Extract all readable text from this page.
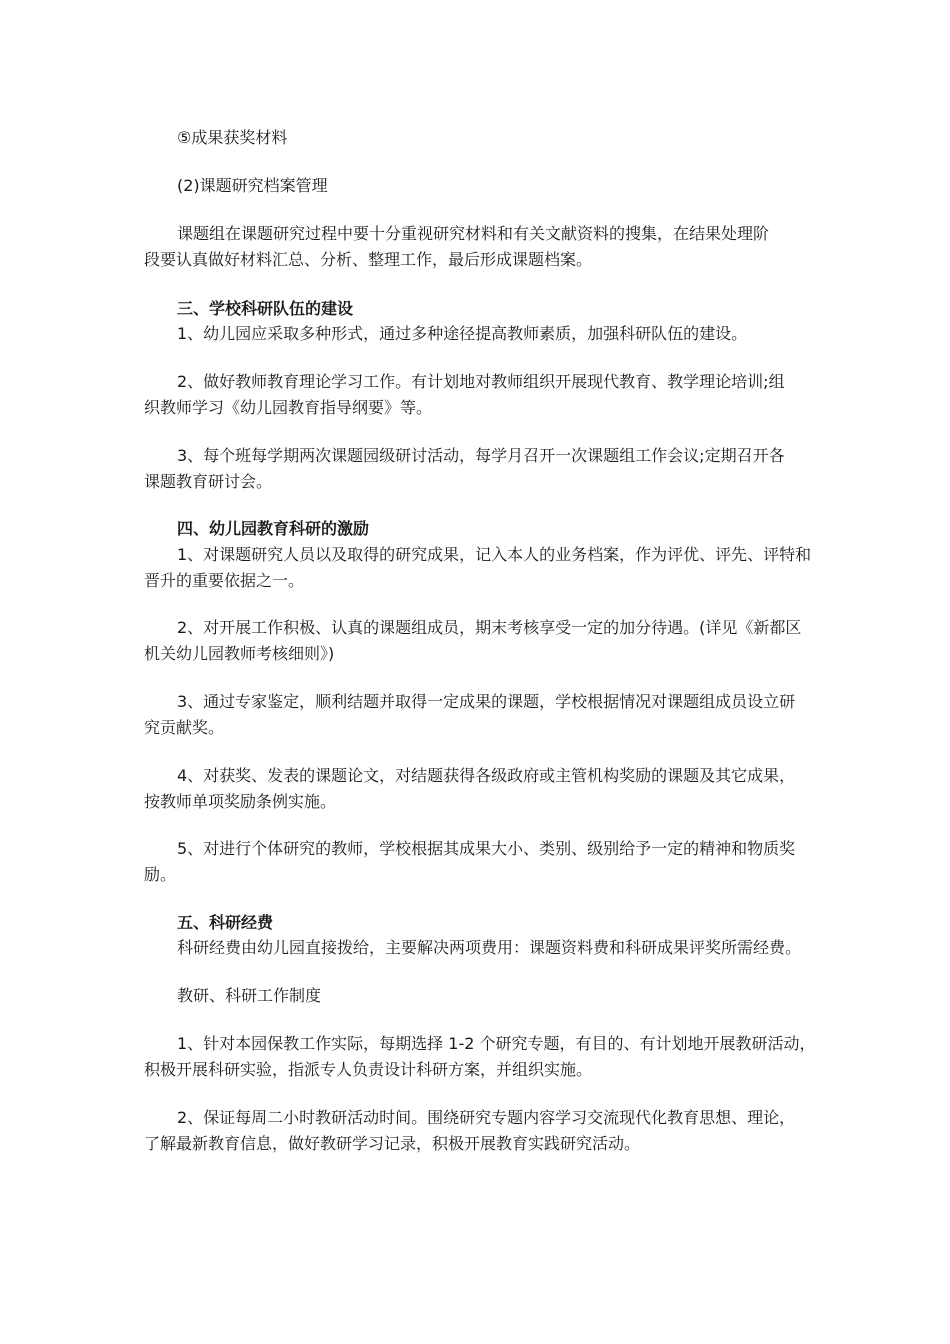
⑤成果获奖材料

(2)课题研究档案管理

课题组在课题研究过程中要十分重视研究材料和有关文献资料的搜集，在结果处理阶
段要认真做好材料汇总、分析、整理工作，最后形成课题档案。

三、学校科研队伍的建设

1、幼儿园应采取多种形式，通过多种途径提高教师素质，加强科研队伍的建设。

2、做好教师教育理论学习工作。有计划地对教师组织开展现代教育、教学理论培训;组
织教师学习《幼儿园教育指导纲要》等。

3、每个班每学期两次课题园级研讨活动，每学月召开一次课题组工作会议;定期召开各
课题教育研讨会。

四、幼儿园教育科研的激励

1、对课题研究人员以及取得的研究成果，记入本人的业务档案，作为评优、评先、评特和
晋升的重要依据之一。

2、对开展工作积极、认真的课题组成员，期末考核享受一定的加分待遇。(详见《新都区
机关幼儿园教师考核细则》)

3、通过专家鉴定，顺利结题并取得一定成果的课题，学校根据情况对课题组成员设立研
究贡献奖。

4、对获奖、发表的课题论文，对结题获得各级政府或主管机构奖励的课题及其它成果，
按教师单项奖励条例实施。

5、对进行个体研究的教师，学校根据其成果大小、类别、级别给予一定的精神和物质奖
励。

五、科研经费

科研经费由幼儿园直接拨给，主要解决两项费用：课题资料费和科研成果评奖所需经费。

教研、科研工作制度

1、针对本园保教工作实际，每期选择 1-2 个研究专题，有目的、有计划地开展教研活动，
积极开展科研实验，指派专人负责设计科研方案，并组织实施。

2、保证每周二小时教研活动时间。围绕研究专题内容学习交流现代化教育思想、理论，
了解最新教育信息，做好教研学习记录，积极开展教育实践研究活动。
